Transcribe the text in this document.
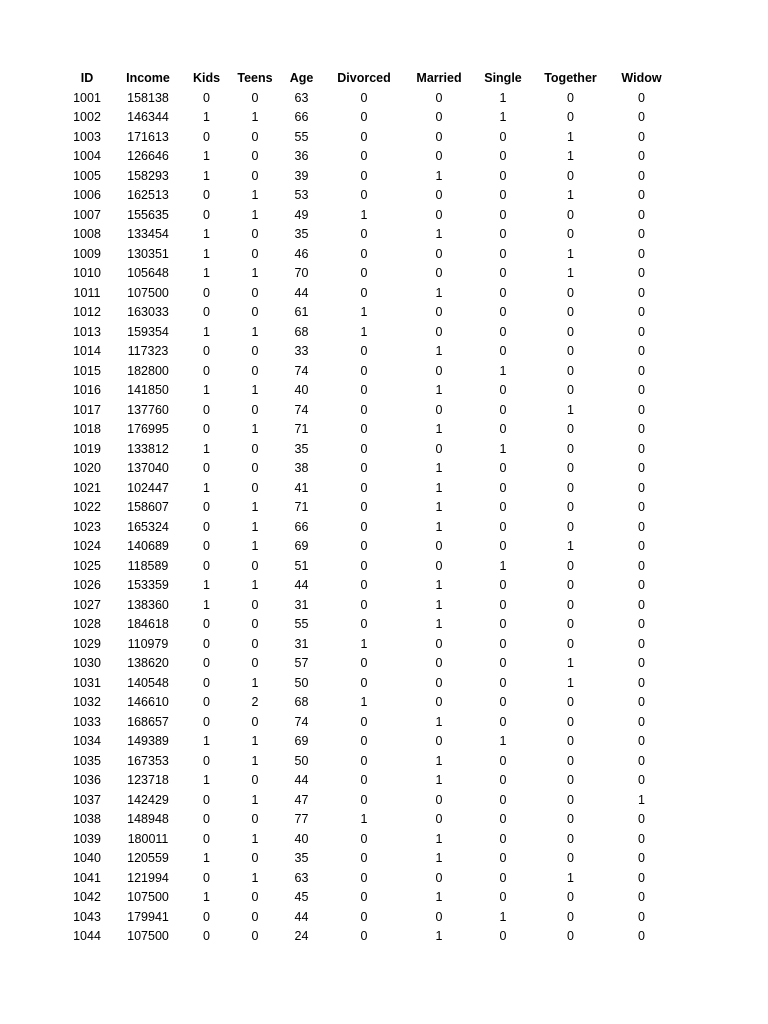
ID	Income	Kids	Teens	Age	Divorced	Married	Single	Together	Widow
1001	158138	0	0	63	0	0	1	0	0
1002	146344	1	1	66	0	0	1	0	0
1003	171613	0	0	55	0	0	0	1	0
1004	126646	1	0	36	0	0	0	1	0
1005	158293	1	0	39	0	1	0	0	0
1006	162513	0	1	53	0	0	0	1	0
1007	155635	0	1	49	1	0	0	0	0
1008	133454	1	0	35	0	1	0	0	0
1009	130351	1	0	46	0	0	0	1	0
1010	105648	1	1	70	0	0	0	1	0
1011	107500	0	0	44	0	1	0	0	0
1012	163033	0	0	61	1	0	0	0	0
1013	159354	1	1	68	1	0	0	0	0
1014	117323	0	0	33	0	1	0	0	0
1015	182800	0	0	74	0	0	1	0	0
1016	141850	1	1	40	0	1	0	0	0
1017	137760	0	0	74	0	0	0	1	0
1018	176995	0	1	71	0	1	0	0	0
1019	133812	1	0	35	0	0	1	0	0
1020	137040	0	0	38	0	1	0	0	0
1021	102447	1	0	41	0	1	0	0	0
1022	158607	0	1	71	0	1	0	0	0
1023	165324	0	1	66	0	1	0	0	0
1024	140689	0	1	69	0	0	0	1	0
1025	118589	0	0	51	0	0	1	0	0
1026	153359	1	1	44	0	1	0	0	0
1027	138360	1	0	31	0	1	0	0	0
1028	184618	0	0	55	0	1	0	0	0
1029	110979	0	0	31	1	0	0	0	0
1030	138620	0	0	57	0	0	0	1	0
1031	140548	0	1	50	0	0	0	1	0
1032	146610	0	2	68	1	0	0	0	0
1033	168657	0	0	74	0	1	0	0	0
1034	149389	1	1	69	0	0	1	0	0
1035	167353	0	1	50	0	1	0	0	0
1036	123718	1	0	44	0	1	0	0	0
1037	142429	0	1	47	0	0	0	0	1
1038	148948	0	0	77	1	0	0	0	0
1039	180011	0	1	40	0	1	0	0	0
1040	120559	1	0	35	0	1	0	0	0
1041	121994	0	1	63	0	0	0	1	0
1042	107500	1	0	45	0	1	0	0	0
1043	179941	0	0	44	0	0	1	0	0
1044	107500	0	0	24	0	1	0	0	0
